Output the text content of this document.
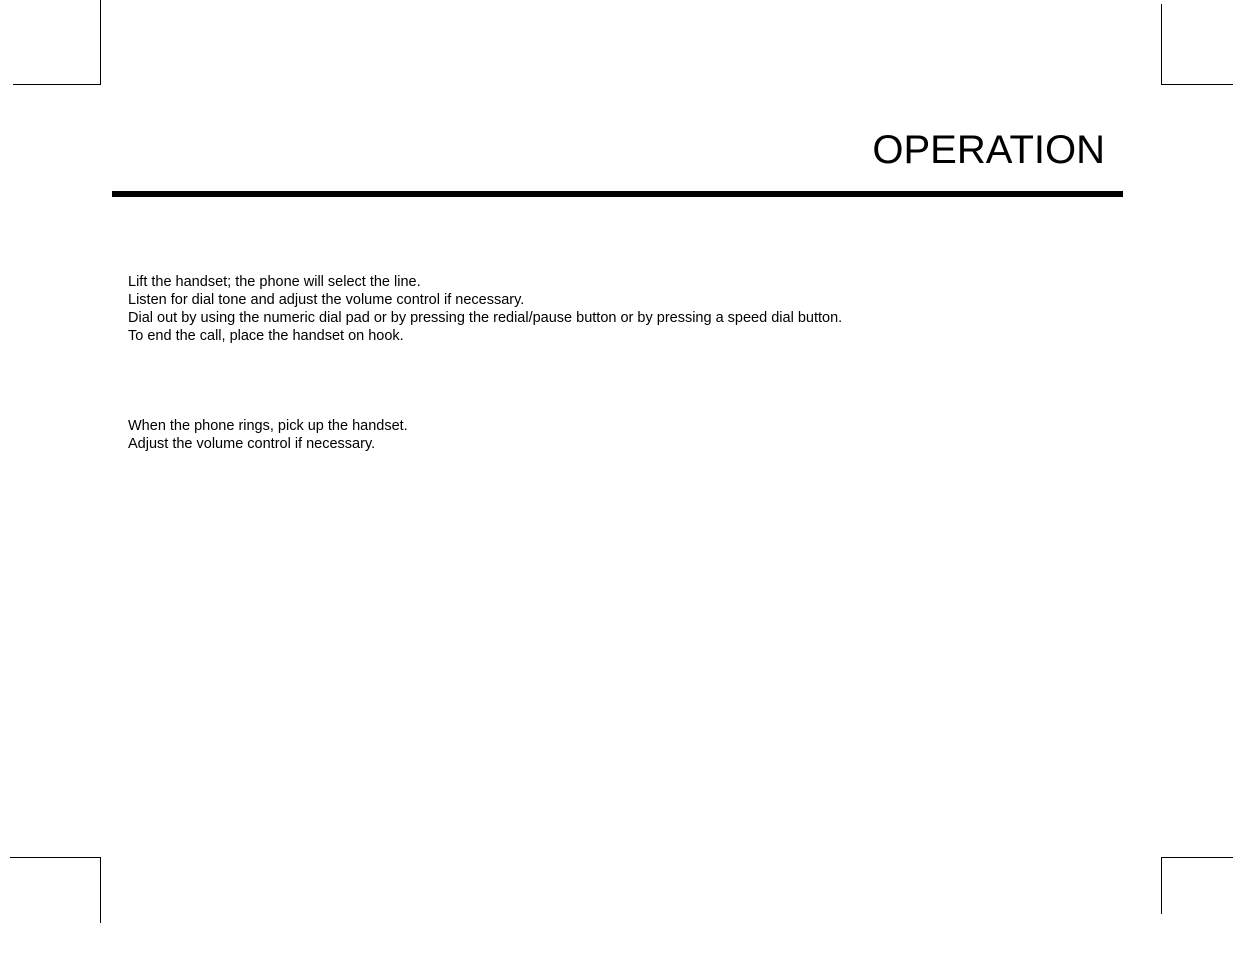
OPERATION
Lift the handset; the phone will select the line.
Listen for dial tone and adjust the volume control if necessary.
Dial out by using the numeric dial pad or by pressing the redial/pause button or by pressing a speed dial button.
To end the call, place the handset on hook.
When the phone rings, pick up the handset.
Adjust the volume control if necessary.
